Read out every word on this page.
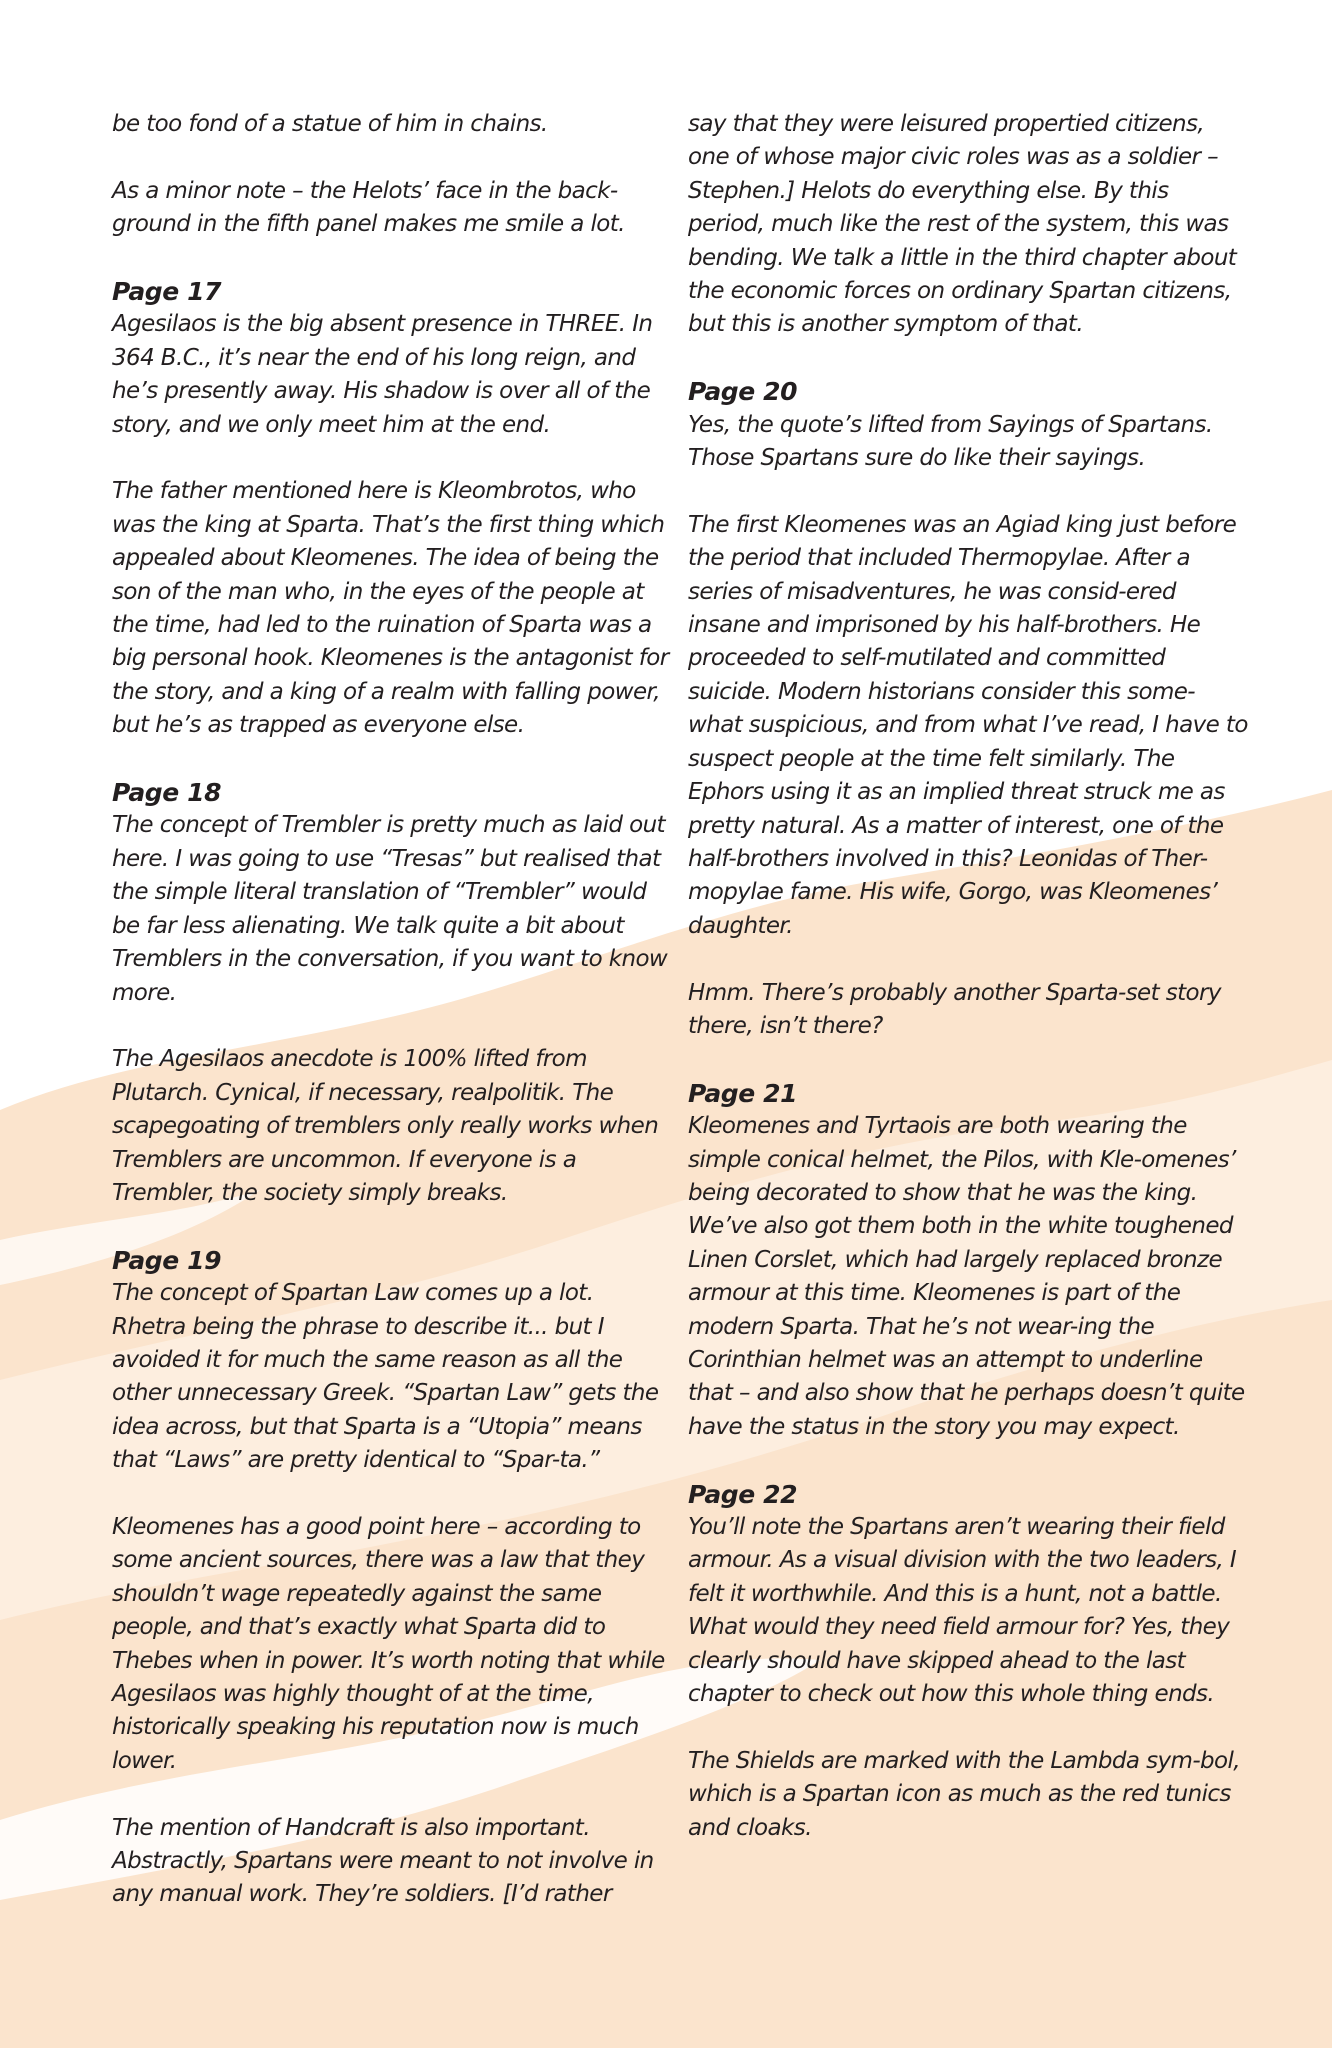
be too fond of a statue of him in chains.

As a minor note – the Helots’ face in the back-ground in the fifth panel makes me smile a lot.

Page 17

Agesilaos is the big absent presence in THREE. In 364 B.C., it’s near the end of his long reign, and he’s presently away. His shadow is over all of the story, and we only meet him at the end.

The father mentioned here is Kleombrotos, who was the king at Sparta. That’s the first thing which appealed about Kleomenes. The idea of being the son of the man who, in the eyes of the people at the time, had led to the ruination of Sparta was a big personal hook. Kleomenes is the antagonist for the story, and a king of a realm with falling power, but he’s as trapped as everyone else.

Page 18

The concept of Trembler is pretty much as laid out here. I was going to use “Tresas” but realised that the simple literal translation of “Trembler” would be far less alienating. We talk quite a bit about Tremblers in the conversation, if you want to know more.

The Agesilaos anecdote is 100% lifted from Plutarch. Cynical, if necessary, realpolitik. The scapegoating of tremblers only really works when Tremblers are uncommon. If everyone is a Trembler, the society simply breaks.

Page 19

The concept of Spartan Law comes up a lot. Rhetra being the phrase to describe it... but I avoided it for much the same reason as all the other unnecessary Greek. “Spartan Law” gets the idea across, but that Sparta is a “Utopia” means that “Laws” are pretty identical to “Spar-ta.”

Kleomenes has a good point here – according to some ancient sources, there was a law that they shouldn’t wage repeatedly against the same people, and that’s exactly what Sparta did to Thebes when in power. It’s worth noting that while Agesilaos was highly thought of at the time, historically speaking his reputation now is much lower.

The mention of Handcraft is also important. Abstractly, Spartans were meant to not involve in any manual work. They’re soldiers. [I’d rather

say that they were leisured propertied citizens, one of whose major civic roles was as a soldier – Stephen.] Helots do everything else. By this period, much like the rest of the system, this was bending. We talk a little in the third chapter about the economic forces on ordinary Spartan citizens, but this is another symptom of that.

Page 20

Yes, the quote’s lifted from Sayings of Spartans. Those Spartans sure do like their sayings.

The first Kleomenes was an Agiad king just before the period that included Thermopylae. After a series of misadventures, he was consid-ered insane and imprisoned by his half-brothers. He proceeded to self-mutilated and committed suicide. Modern historians consider this some-what suspicious, and from what I’ve read, I have to suspect people at the time felt similarly. The Ephors using it as an implied threat struck me as pretty natural. As a matter of interest, one of the half-brothers involved in this? Leonidas of Ther-mopylae fame. His wife, Gorgo, was Kleomenes’ daughter.

Hmm. There’s probably another Sparta-set story there, isn’t there?

Page 21

Kleomenes and Tyrtaois are both wearing the simple conical helmet, the Pilos, with Kle-omenes’ being decorated to show that he was the king. We’ve also got them both in the white toughened Linen Corslet, which had largely replaced bronze armour at this time. Kleomenes is part of the modern Sparta. That he’s not wear-ing the Corinthian helmet was an attempt to underline that – and also show that he perhaps doesn’t quite have the status in the story you may expect.

Page 22

You’ll note the Spartans aren’t wearing their field armour. As a visual division with the two leaders, I felt it worthwhile. And this is a hunt, not a battle. What would they need field armour for? Yes, they clearly should have skipped ahead to the last chapter to check out how this whole thing ends.

The Shields are marked with the Lambda sym-bol, which is a Spartan icon as much as the red tunics and cloaks.
